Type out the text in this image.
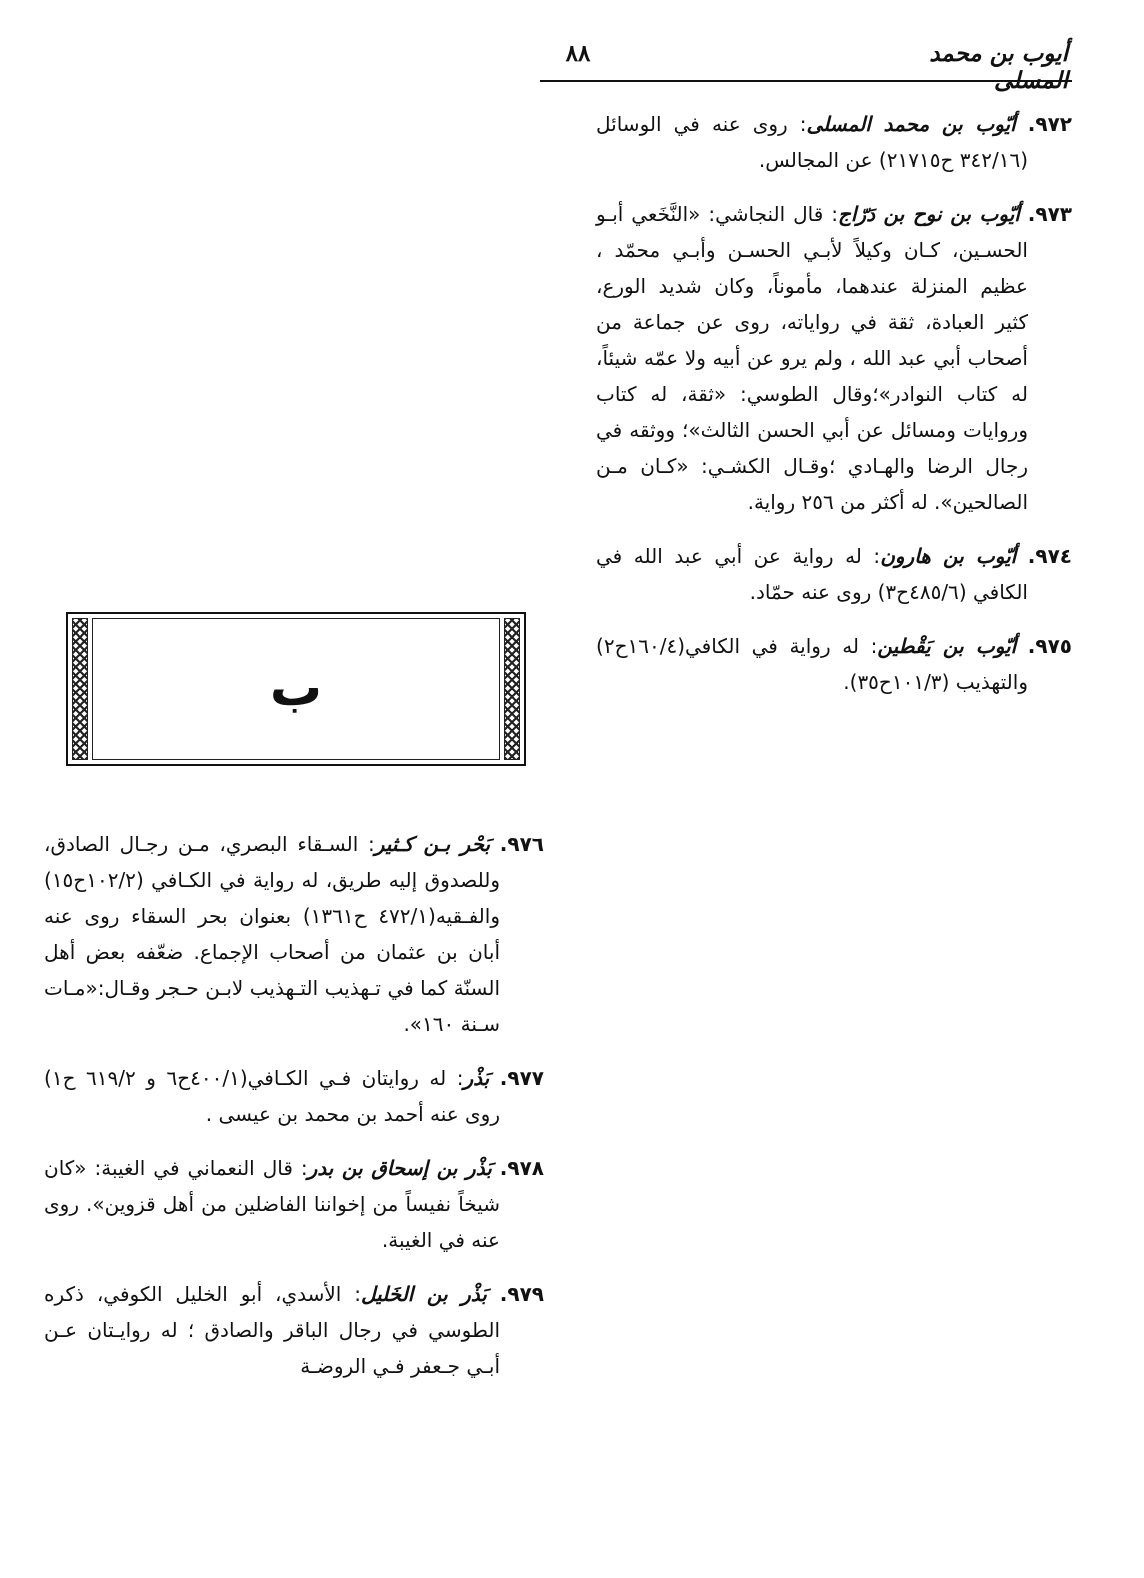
أيوب بن محمد المسلى
٨٨

٩٧٢. أيّوب بن محمد المسلى: روى عنه في الوسائل (٣٤٢/١٦ ح٢١٧١٥) عن المجالس.

٩٧٣. أيّوب بن نوح بن دَرّاج: قال النجاشي: «النَّخَعي أبـو الحسـين، كـان وكيلاً لأبـي الحسـن وأبـي محمّد ، عظيم المنزلة عندهما، مأموناً، وكان شديد الورع، كثير العبادة، ثقة في رواياته، روى عن جماعة من أصحاب أبي عبد الله ، ولم يرو عن أبيه ولا عمّه شيئاً، له كتاب النوادر»؛وقال الطوسي: «ثقة، له كتاب وروايات ومسائل عن أبي الحسن الثالث»؛ ووثقه في رجال الرضا والهـادي ؛وقـال الكشـي: «كـان مـن الصالحين». له أكثر من ٢٥٦ رواية.

٩٧٤. أيّوب بن هارون: له رواية عن أبي عبد الله في الكافي (٤٨٥/٦ح٣) روى عنه حمّاد.

٩٧٥. أيّوب بن يَقْطين: له رواية في الكافي(١٦٠/٤ح٢) والتهذيب (١٠١/٣ح٣٥).

ب

٩٧٦. بَحْر بـن كـثير: السـقاء البصري، مـن رجـال الصادق، وللصدوق إليه طريق، له رواية في الكـافي (١٠٢/٢ح١٥) والفـقيه(٤٧٢/١ ح١٣٦١) بعنوان بحر السقاء روى عنه أبان بن عثمان من أصحاب الإجماع. ضعّفه بعض أهل السنّة كما في تـهذيب التـهذيب لابـن حـجر وقـال:«مـات سـنة ١٦٠».

٩٧٧. بَذْر: له روايتان فـي الكـافي(٤٠٠/١ح٦ و ٦١٩/٢ ح١) روى عنه أحمد بن محمد بن عيسى .

٩٧٨. بَذْر بن إسحاق بن بدر: قال النعماني في الغيبة: «كان شيخاً نفيساً من إخواننا الفاضلين من أهل قزوين». روى عنه في الغيبة.

٩٧٩. بَذْر بن الخَليل: الأسدي، أبو الخليل الكوفي، ذكره الطوسي في رجال الباقر والصادق ؛ له روايـتان عـن أبـي جـعفر فـي الروضـة
